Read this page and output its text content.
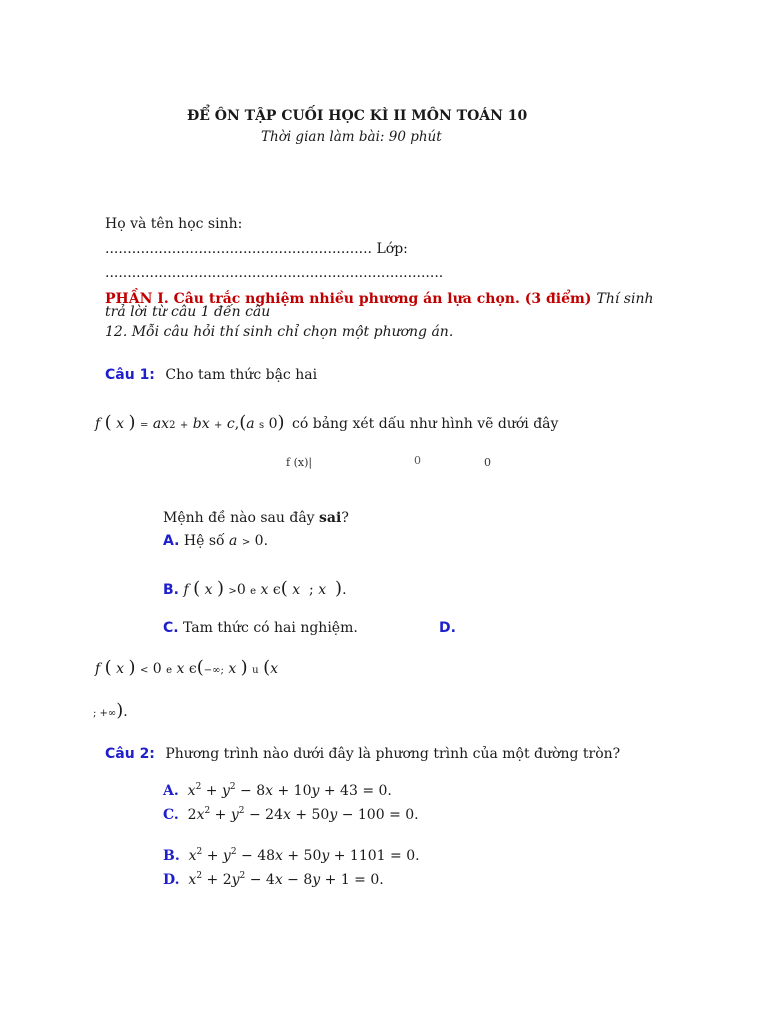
ĐỂ ÔN TẬP CUỐI HỌC KÌ II MÔN TOÁN 10
Thời gian làm bài: 90 phút
Họ và tên học sinh:
............................................................ Lớp:
............................................................................
PHẦN I. Câu trắc nghiệm nhiều phương án lựa chọn. (3 điểm) Thí sinh
trả lời từ câu 1 đến câu
12. Mỗi câu hỏi thí sinh chỉ chọn một phương án.
Câu 1: Cho tam thức bậc hai
f ( x ) = ax2 + bx + c,(a s 0) có bảng xét dấu như hình vẽ dưới đây
f (x)|	0	0
Mệnh đề nào sau đây sai?
A. Hệ số a > 0.
B. f ( x ) >0 e x ϵ( x  ; x ).
C. Tam thức có hai nghiệm.	D.
f ( x ) < 0 e x ϵ(−∞; x ) u (x
; +∞).
Câu 2: Phương trình nào dưới đây là phương trình của một đường tròn?
A. $x^2 + y^2 - 8x + 10y + 43 = 0$.
C.  $2x^2 + y^2 - 24x + 50y - 100 = 0$.
B. $x^2 + y^2 - 48x + 50y + 1101 = 0$.
D. $x^2 + 2y^2 - 4x - 8y + 1 = 0$.
